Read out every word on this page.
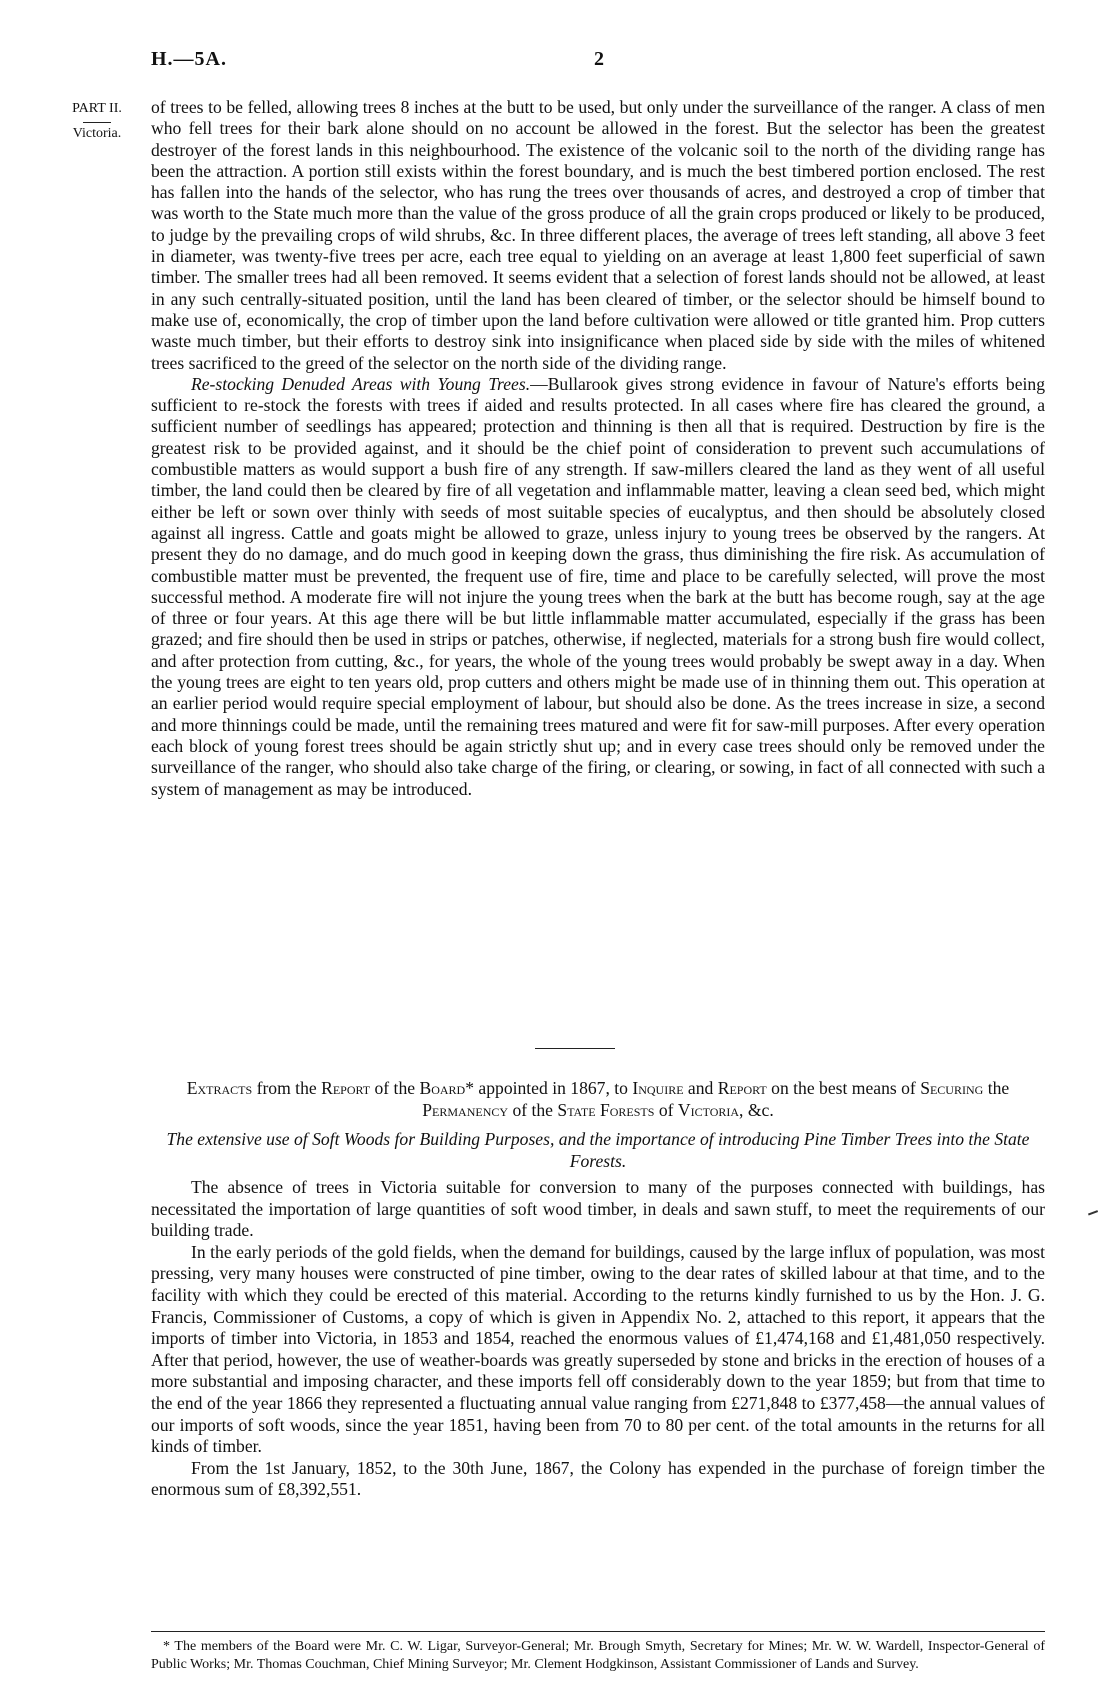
H.—5A.	2
PART II.
Victoria.

of trees to be felled, allowing trees 8 inches at the butt to be used, but only under the surveillance of the ranger. A class of men who fell trees for their bark alone should on no account be allowed in the forest. But the selector has been the greatest destroyer of the forest lands in this neighbourhood. The existence of the volcanic soil to the north of the dividing range has been the attraction. A portion still exists within the forest boundary, and is much the best timbered portion enclosed. The rest has fallen into the hands of the selector, who has rung the trees over thousands of acres, and destroyed a crop of timber that was worth to the State much more than the value of the gross produce of all the grain crops produced or likely to be produced, to judge by the prevailing crops of wild shrubs, &c. In three different places, the average of trees left standing, all above 3 feet in diameter, was twenty-five trees per acre, each tree equal to yielding on an average at least 1,800 feet superficial of sawn timber. The smaller trees had all been removed. It seems evident that a selection of forest lands should not be allowed, at least in any such centrally-situated position, until the land has been cleared of timber, or the selector should be himself bound to make use of, economically, the crop of timber upon the land before cultivation were allowed or title granted him. Prop cutters waste much timber, but their efforts to destroy sink into insignificance when placed side by side with the miles of whitened trees sacrificed to the greed of the selector on the north side of the dividing range.

Re-stocking Denuded Areas with Young Trees.—Bullarook gives strong evidence in favour of Nature's efforts being sufficient to re-stock the forests with trees if aided and results protected. In all cases where fire has cleared the ground, a sufficient number of seedlings has appeared; protection and thinning is then all that is required. Destruction by fire is the greatest risk to be provided against, and it should be the chief point of consideration to prevent such accumulations of combustible matters as would support a bush fire of any strength. If saw-millers cleared the land as they went of all useful timber, the land could then be cleared by fire of all vegetation and inflammable matter, leaving a clean seed bed, which might either be left or sown over thinly with seeds of most suitable species of eucalyptus, and then should be absolutely closed against all ingress. Cattle and goats might be allowed to graze, unless injury to young trees be observed by the rangers. At present they do no damage, and do much good in keeping down the grass, thus diminishing the fire risk. As accumulation of combustible matter must be prevented, the frequent use of fire, time and place to be carefully selected, will prove the most successful method. A moderate fire will not injure the young trees when the bark at the butt has become rough, say at the age of three or four years. At this age there will be but little inflammable matter accumulated, especially if the grass has been grazed; and fire should then be used in strips or patches, otherwise, if neglected, materials for a strong bush fire would collect, and after protection from cutting, &c., for years, the whole of the young trees would probably be swept away in a day. When the young trees are eight to ten years old, prop cutters and others might be made use of in thinning them out. This operation at an earlier period would require special employment of labour, but should also be done. As the trees increase in size, a second and more thinnings could be made, until the remaining trees matured and were fit for saw-mill purposes. After every operation each block of young forest trees should be again strictly shut up; and in every case trees should only be removed under the surveillance of the ranger, who should also take charge of the firing, or clearing, or sowing, in fact of all connected with such a system of management as may be introduced.

Extracts from the Report of the Board* appointed in 1867, to Inquire and Report on the best means of Securing the Permanency of the State Forests of Victoria, &c.
The extensive use of Soft Woods for Building Purposes, and the importance of introducing Pine Timber Trees into the State Forests.

The absence of trees in Victoria suitable for conversion to many of the purposes connected with buildings, has necessitated the importation of large quantities of soft wood timber, in deals and sawn stuff, to meet the requirements of our building trade.

In the early periods of the gold fields, when the demand for buildings, caused by the large influx of population, was most pressing, very many houses were constructed of pine timber, owing to the dear rates of skilled labour at that time, and to the facility with which they could be erected of this material. According to the returns kindly furnished to us by the Hon. J. G. Francis, Commissioner of Customs, a copy of which is given in Appendix No. 2, attached to this report, it appears that the imports of timber into Victoria, in 1853 and 1854, reached the enormous values of £1,474,168 and £1,481,050 respectively. After that period, however, the use of weather-boards was greatly superseded by stone and bricks in the erection of houses of a more substantial and imposing character, and these imports fell off considerably down to the year 1859; but from that time to the end of the year 1866 they represented a fluctuating annual value ranging from £271,848 to £377,458—the annual values of our imports of soft woods, since the year 1851, having been from 70 to 80 per cent. of the total amounts in the returns for all kinds of timber.

From the 1st January, 1852, to the 30th June, 1867, the Colony has expended in the purchase of foreign timber the enormous sum of £8,392,551.

* The members of the Board were Mr. C. W. Ligar, Surveyor-General; Mr. Brough Smyth, Secretary for Mines; Mr. W. W. Wardell, Inspector-General of Public Works; Mr. Thomas Couchman, Chief Mining Surveyor; Mr. Clement Hodgkinson, Assistant Commissioner of Lands and Survey.
